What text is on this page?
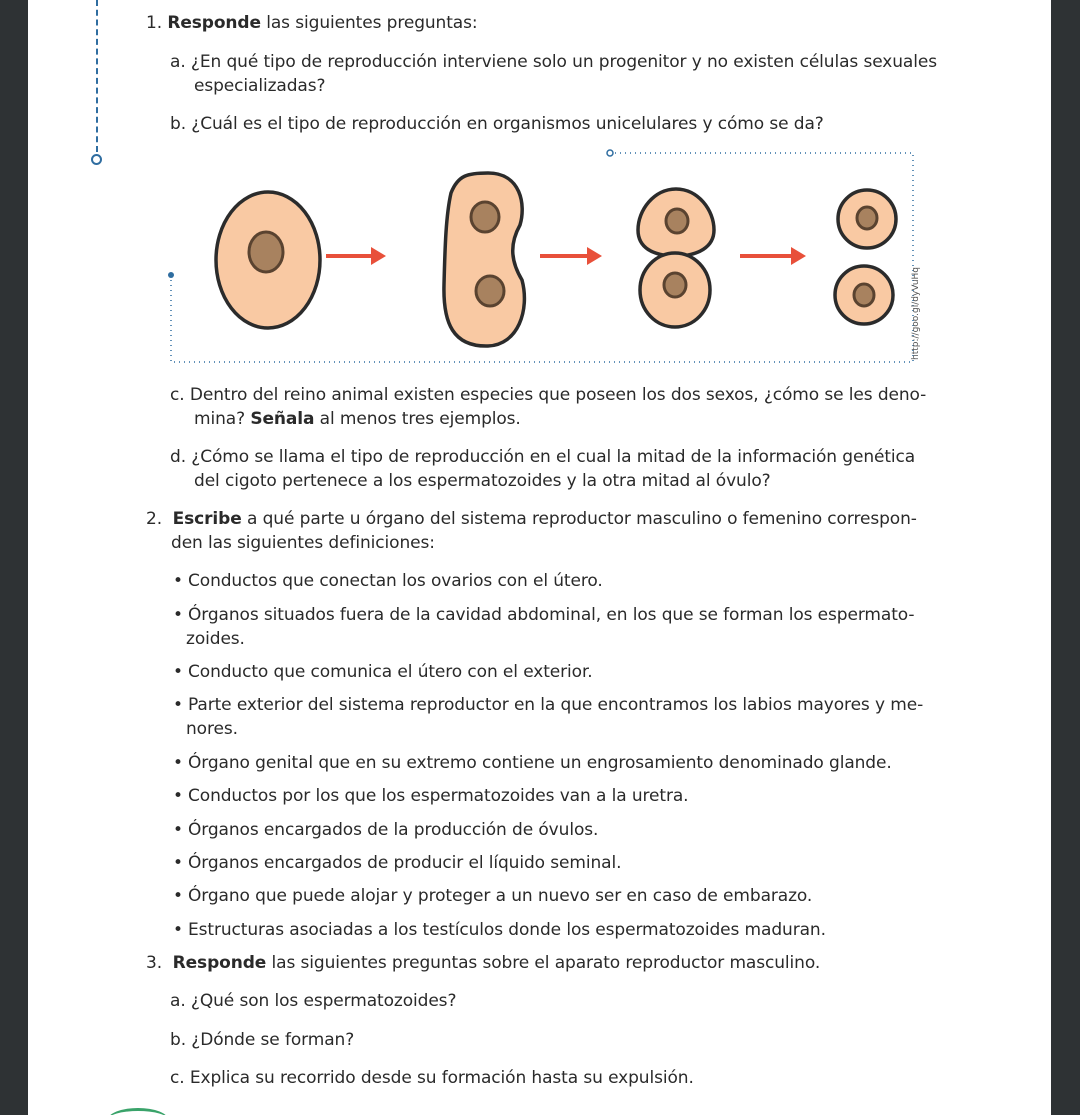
1. Responde las siguientes preguntas:
a. ¿En qué tipo de reproducción interviene solo un progenitor y no existen células sexuales
especializadas?
b. ¿Cuál es el tipo de reproducción en organismos unicelulares y cómo se da?
http://goo.gl/dyVuHq
c. Dentro del reino animal existen especies que poseen los dos sexos, ¿cómo se les deno-
mina? Señala al menos tres ejemplos.
d. ¿Cómo se llama el tipo de reproducción en el cual la mitad de la información genética
del cigoto pertenece a los espermatozoides y la otra mitad al óvulo?
2. Escribe a qué parte u órgano del sistema reproductor masculino o femenino correspon-
den las siguientes definiciones:
• Conductos que conectan los ovarios con el útero.
• Órganos situados fuera de la cavidad abdominal, en los que se forman los espermato-
zoides.
• Conducto que comunica el útero con el exterior.
• Parte exterior del sistema reproductor en la que encontramos los labios mayores y me-
nores.
• Órgano genital que en su extremo contiene un engrosamiento denominado glande.
• Conductos por los que los espermatozoides van a la uretra.
• Órganos encargados de la producción de óvulos.
• Órganos encargados de producir el líquido seminal.
• Órgano que puede alojar y proteger a un nuevo ser en caso de embarazo.
• Estructuras asociadas a los testículos donde los espermatozoides maduran.
3. Responde las siguientes preguntas sobre el aparato reproductor masculino.
a. ¿Qué son los espermatozoides?
b. ¿Dónde se forman?
c. Explica su recorrido desde su formación hasta su expulsión.
